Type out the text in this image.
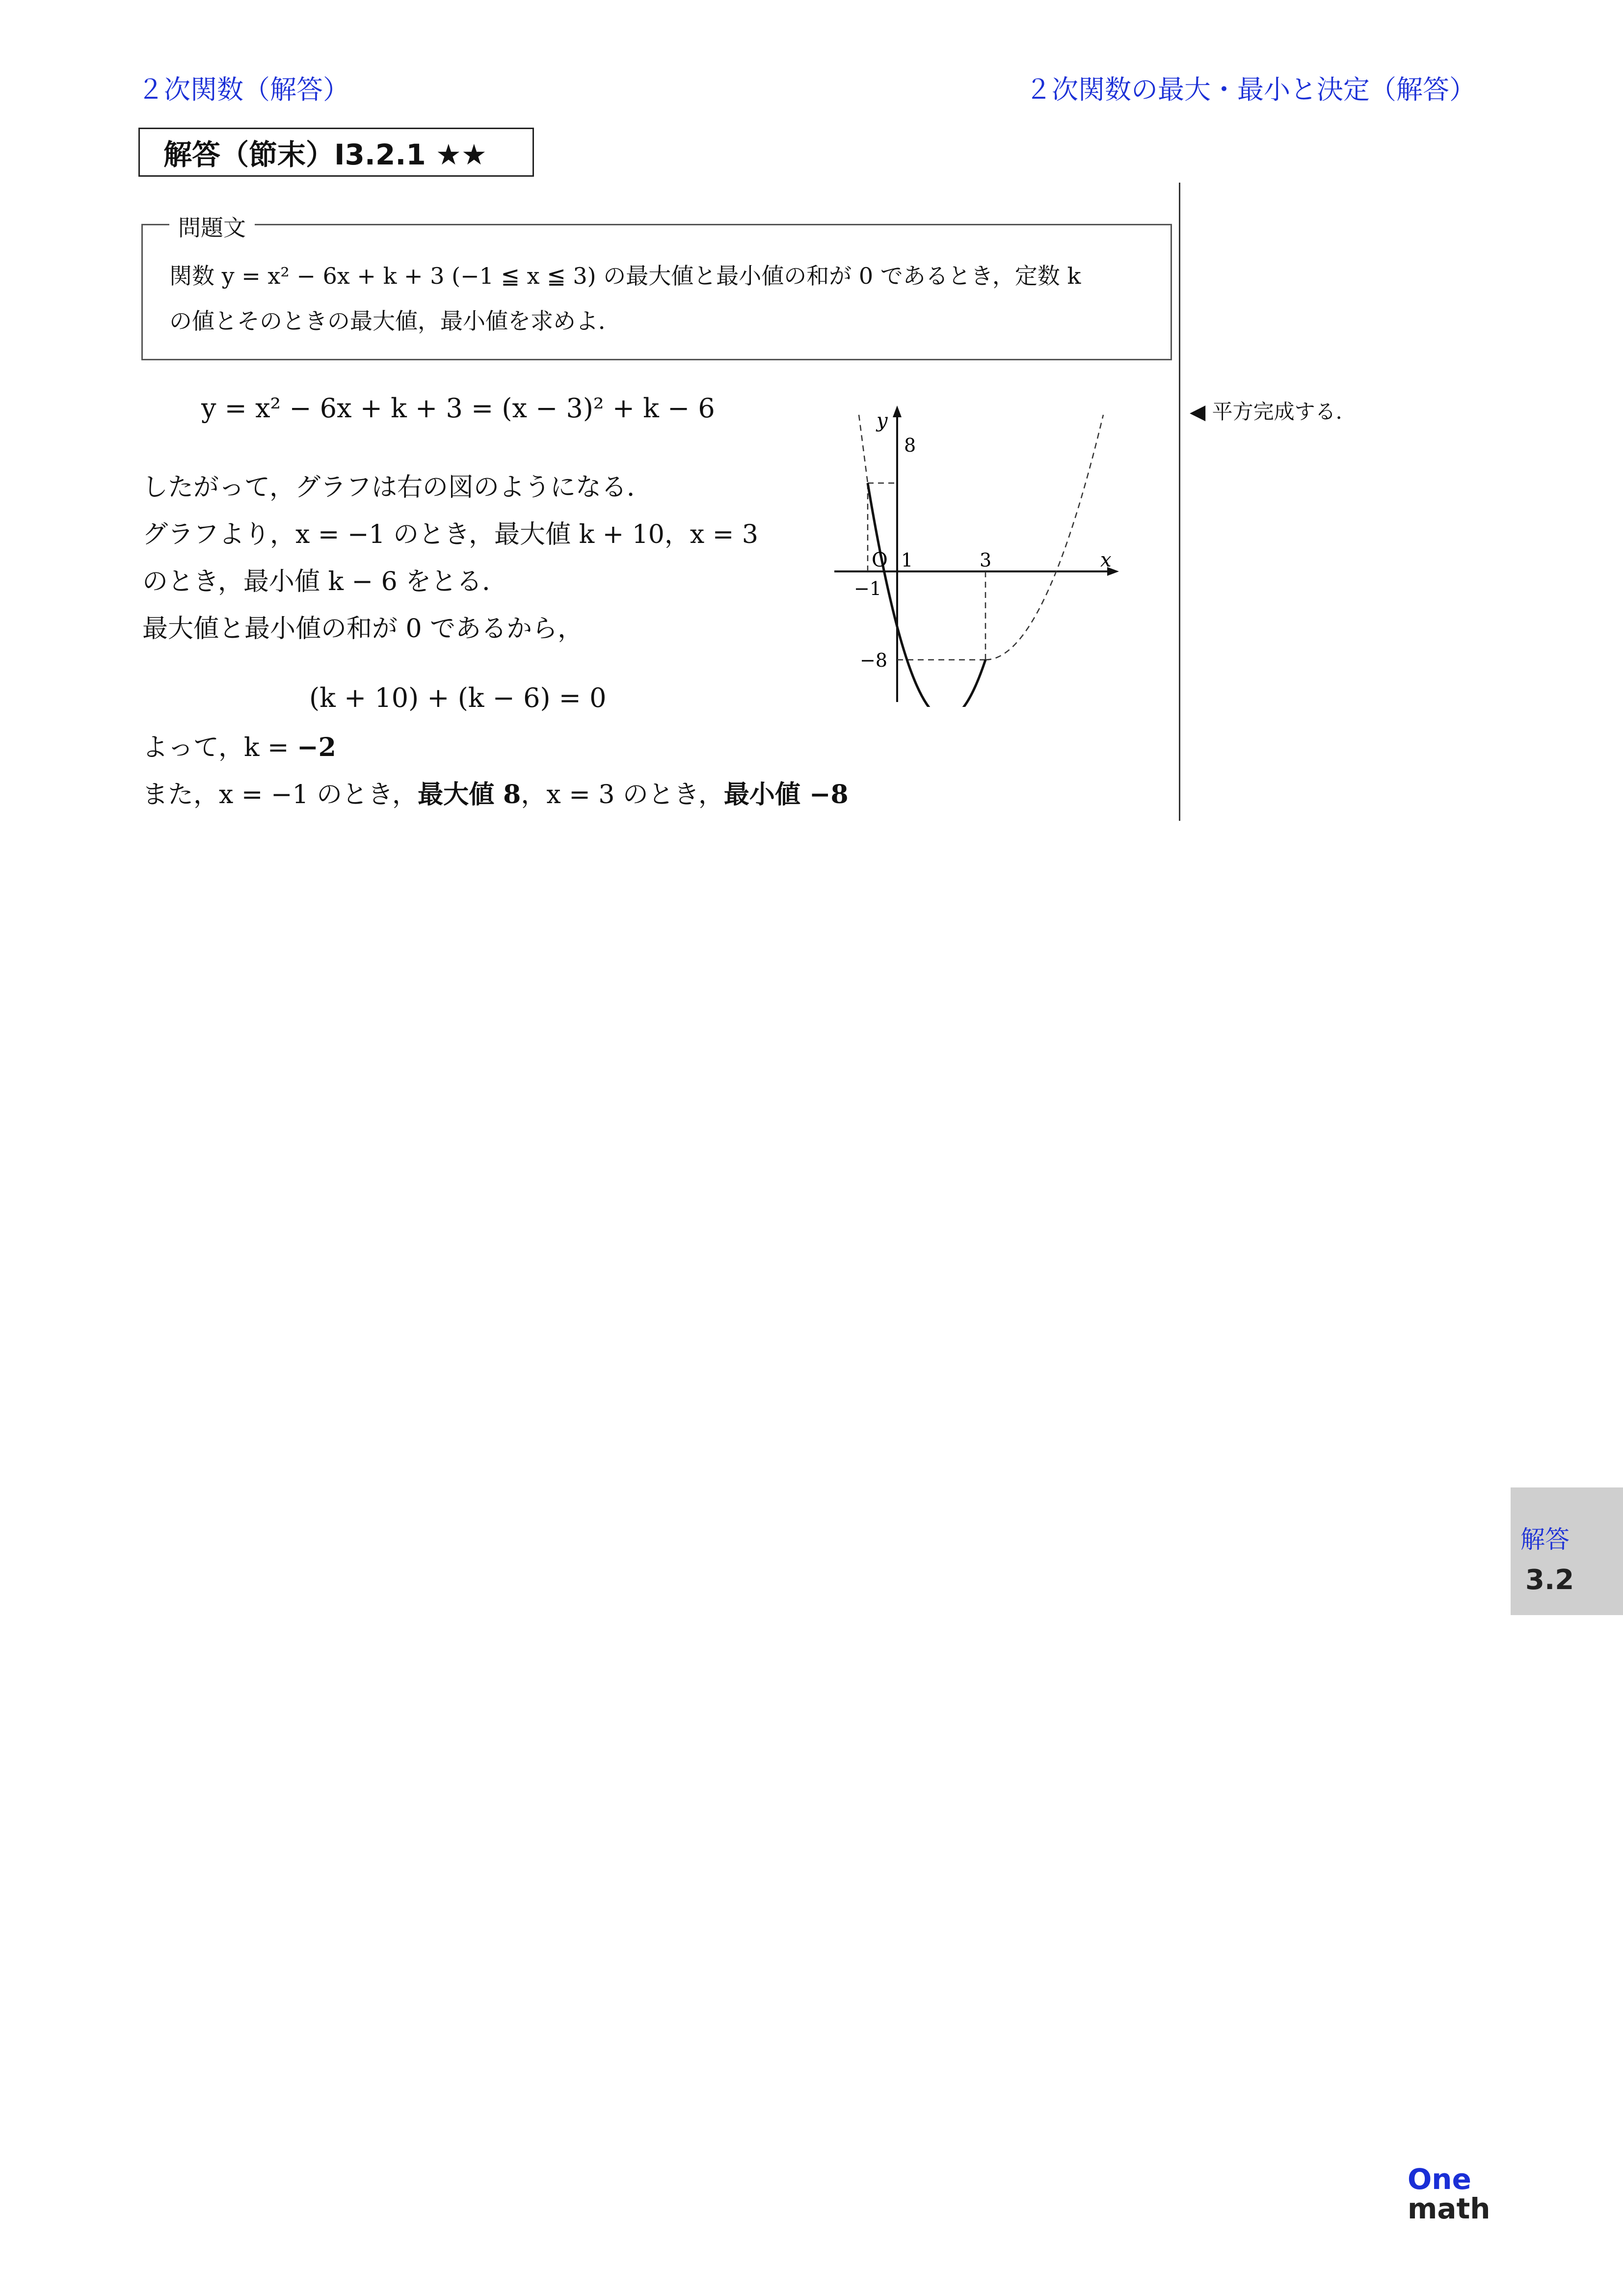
２次関数（解答）	２次関数の最大・最小と決定（解答）
解答（節末）I3.2.1 ★★
問題文
関数 y = x² − 6x + k + 3 (−1 ≦ x ≦ 3) の最大値と最小値の和が 0 であるとき，定数 k
の値とそのときの最大値，最小値を求めよ．
y = x² − 6x + k + 3 = (x − 3)² + k − 6
したがって，グラフは右の図のようになる．
グラフより，x = −1 のとき，最大値 k + 10，x = 3
のとき，最小値 k − 6 をとる．
最大値と最小値の和が 0 であるから，
(k + 10) + (k − 6) = 0
よって，k = −2
また，x = −1 のとき，最大値 8，x = 3 のとき，最小値 −8
◀ 平方完成する．
y
x
O
8
1	3
−1
−8
解答
3.2
One
math
